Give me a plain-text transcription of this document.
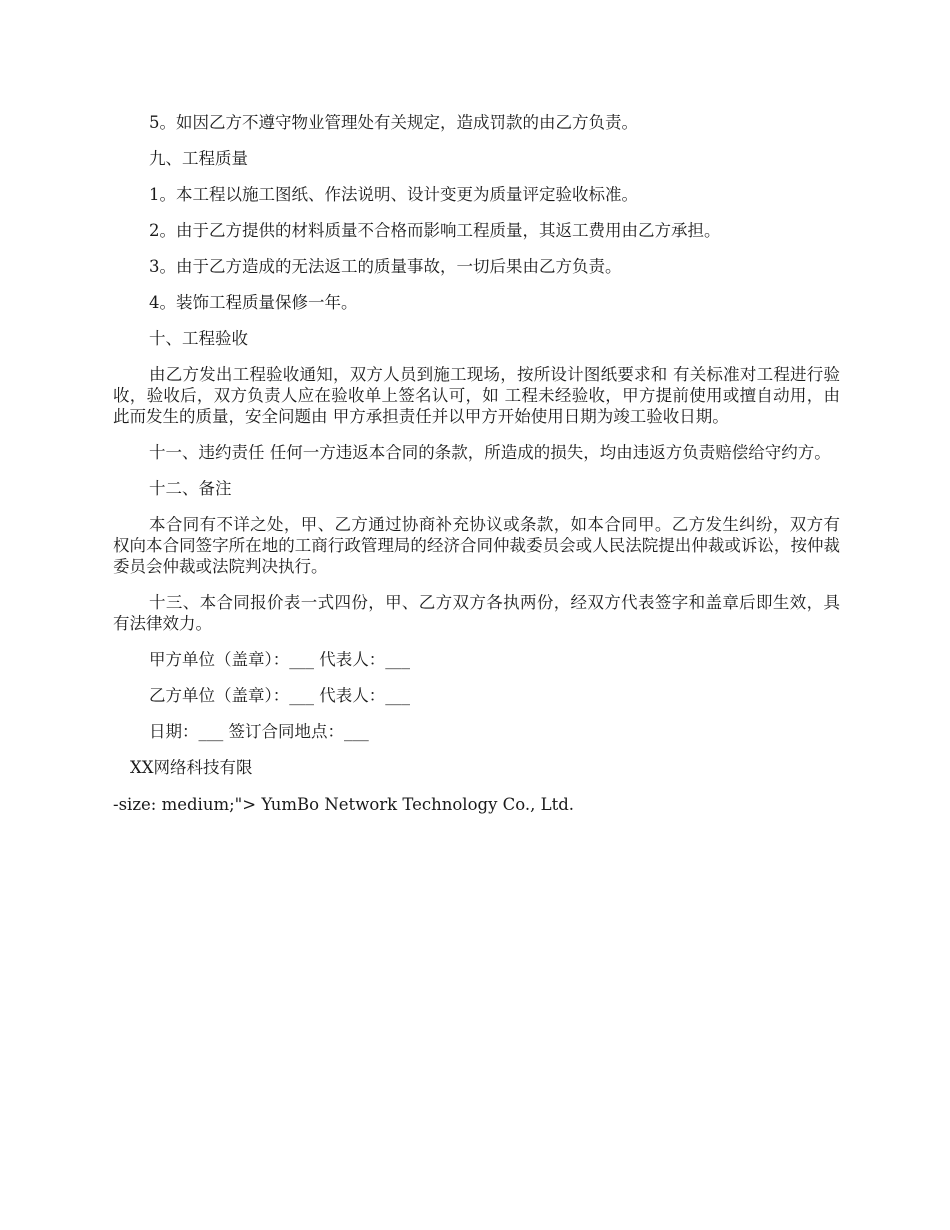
5。如因乙方不遵守物业管理处有关规定，造成罚款的由乙方负责。

九、工程质量

1。本工程以施工图纸、作法说明、设计变更为质量评定验收标准。

2。由于乙方提供的材料质量不合格而影响工程质量，其返工费用由乙方承担。

3。由于乙方造成的无法返工的质量事故，一切后果由乙方负责。

4。装饰工程质量保修一年。

十、工程验收

由乙方发出工程验收通知，双方人员到施工现场，按所设计图纸要求和 有关标准对工程进行验收，验收后，双方负责人应在验收单上签名认可，如 工程未经验收，甲方提前使用或擅自动用，由此而发生的质量，安全问题由 甲方承担责任并以甲方开始使用日期为竣工验收日期。

十一、违约责任 任何一方违返本合同的条款，所造成的损失，均由违返方负责赔偿给守约方。

十二、备注

本合同有不详之处，甲、乙方通过协商补充协议或条款，如本合同甲。乙方发生纠纷，双方有权向本合同签字所在地的工商行政管理局的经济合同仲裁委员会或人民法院提出仲裁或诉讼，按仲裁委员会仲裁或法院判决执行。

十三、本合同报价表一式四份，甲、乙方双方各执两份，经双方代表签字和盖章后即生效，具有法律效力。

甲方单位（盖章）：___ 代表人：___

乙方单位（盖章）：___ 代表人：___

日期：___ 签订合同地点：___

XX网络科技有限

-size: medium;"> YumBo Network Technology Co., Ltd.
